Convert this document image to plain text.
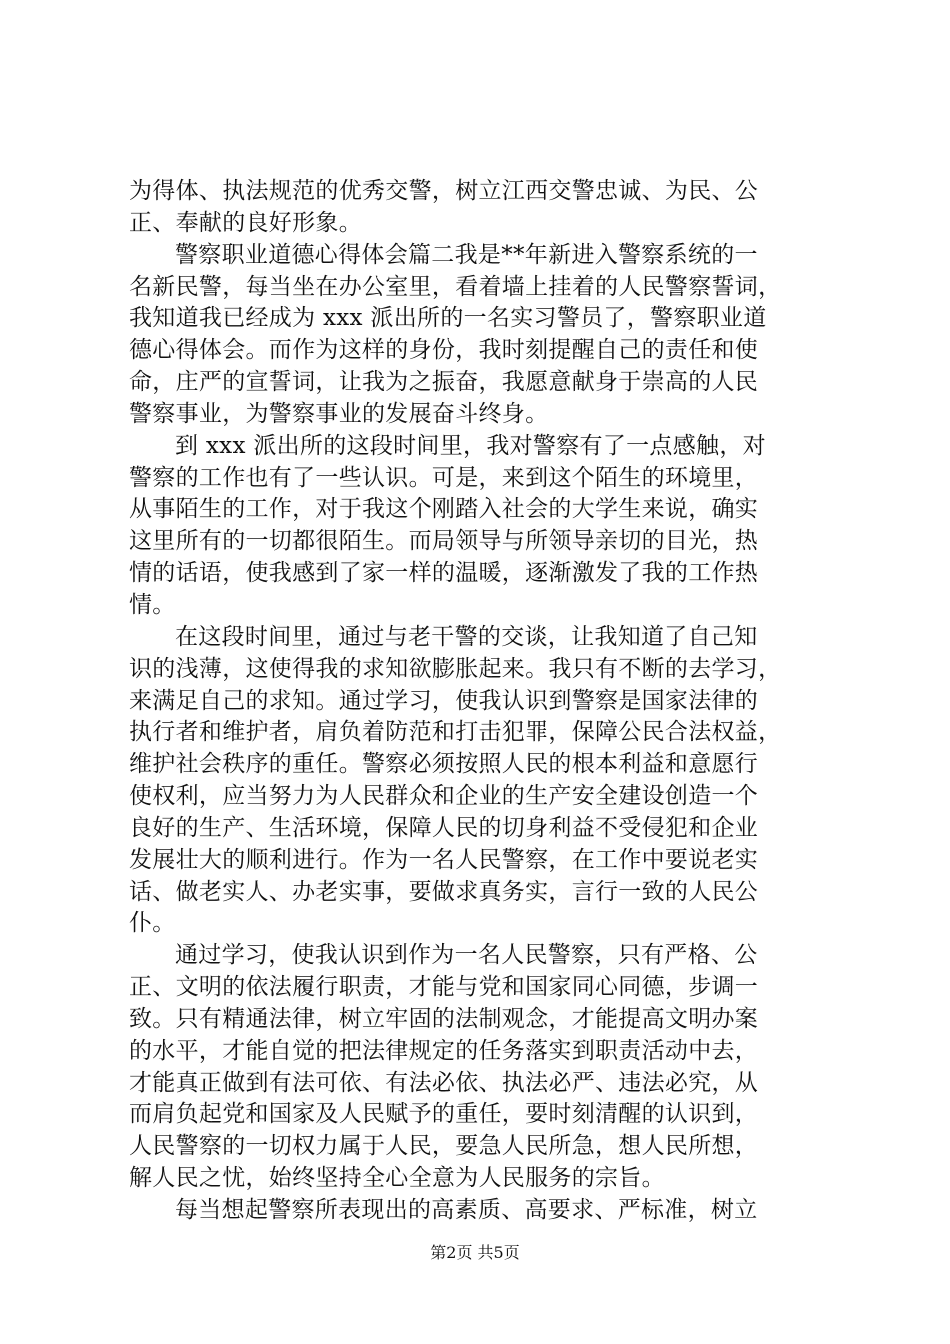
为得体、执法规范的优秀交警，树立江西交警忠诚、为民、公
正、奉献的良好形象。
警察职业道德心得体会篇二我是**年新进入警察系统的一
名新民警，每当坐在办公室里，看着墙上挂着的人民警察誓词，
我知道我已经成为 xxx 派出所的一名实习警员了，警察职业道
德心得体会。而作为这样的身份，我时刻提醒自己的责任和使
命，庄严的宣誓词，让我为之振奋，我愿意献身于崇高的人民
警察事业，为警察事业的发展奋斗终身。
到 xxx 派出所的这段时间里，我对警察有了一点感触，对
警察的工作也有了一些认识。可是，来到这个陌生的环境里，
从事陌生的工作，对于我这个刚踏入社会的大学生来说，确实
这里所有的一切都很陌生。而局领导与所领导亲切的目光，热
情的话语，使我感到了家一样的温暖，逐渐激发了我的工作热
情。
在这段时间里，通过与老干警的交谈，让我知道了自己知
识的浅薄，这使得我的求知欲膨胀起来。我只有不断的去学习，
来满足自己的求知。通过学习，使我认识到警察是国家法律的
执行者和维护者，肩负着防范和打击犯罪，保障公民合法权益，
维护社会秩序的重任。警察必须按照人民的根本利益和意愿行
使权利，应当努力为人民群众和企业的生产安全建设创造一个
良好的生产、生活环境，保障人民的切身利益不受侵犯和企业
发展壮大的顺利进行。作为一名人民警察，在工作中要说老实
话、做老实人、办老实事，要做求真务实，言行一致的人民公
仆。
通过学习，使我认识到作为一名人民警察，只有严格、公
正、文明的依法履行职责，才能与党和国家同心同德，步调一
致。只有精通法律，树立牢固的法制观念，才能提高文明办案
的水平，才能自觉的把法律规定的任务落实到职责活动中去，
才能真正做到有法可依、有法必依、执法必严、违法必究，从
而肩负起党和国家及人民赋予的重任，要时刻清醒的认识到，
人民警察的一切权力属于人民，要急人民所急，想人民所想，
解人民之忧，始终坚持全心全意为人民服务的宗旨。
每当想起警察所表现出的高素质、高要求、严标准，树立
第2页 共5页
